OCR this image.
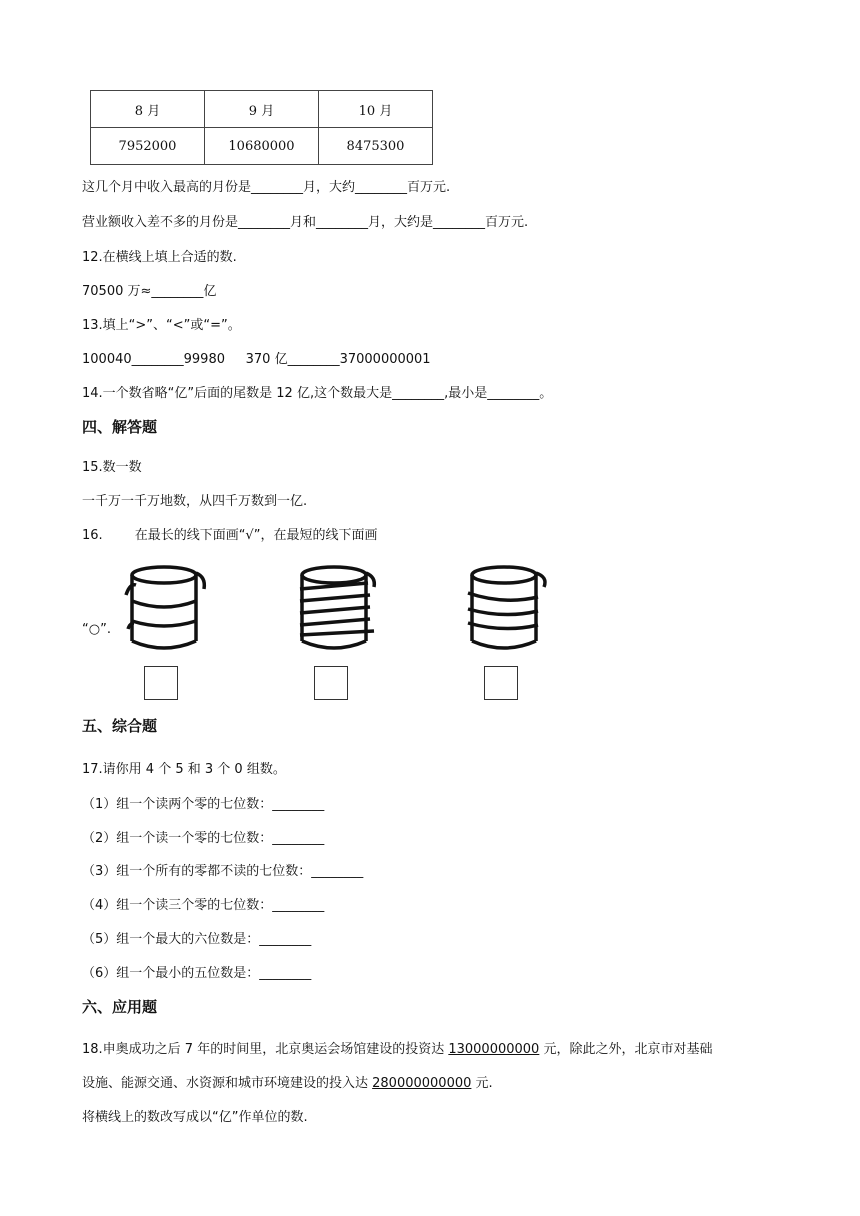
8 月	9 月	10 月
7952000	10680000	8475300
这几个月中收入最高的月份是________月，大约________百万元.
营业额收入差不多的月份是________月和________月，大约是________百万元.
12.在横线上填上合适的数.
70500 万≈________亿
13.填上“>”、“<”或“=”。
100040________99980     370 亿________37000000001
14.一个数省略“亿”后面的尾数是 12 亿,这个数最大是________,最小是________。
四、解答题
15.数一数
一千万一千万地数，从四千万数到一亿.
16. 在最长的线下面画“√”，在最短的线下面画
“○”.
五、综合题
17.请你用 4 个 5 和 3 个 0 组数。
（1）组一个读两个零的七位数：________
（2）组一个读一个零的七位数：________
（3）组一个所有的零都不读的七位数：________
（4）组一个读三个零的七位数：________
（5）组一个最大的六位数是：________
（6）组一个最小的五位数是：________
六、应用题
18.申奥成功之后 7 年的时间里，北京奥运会场馆建设的投资达 13000000000 元，除此之外，北京市对基础
设施、能源交通、水资源和城市环境建设的投入达 280000000000 元.
将横线上的数改写成以“亿”作单位的数.
